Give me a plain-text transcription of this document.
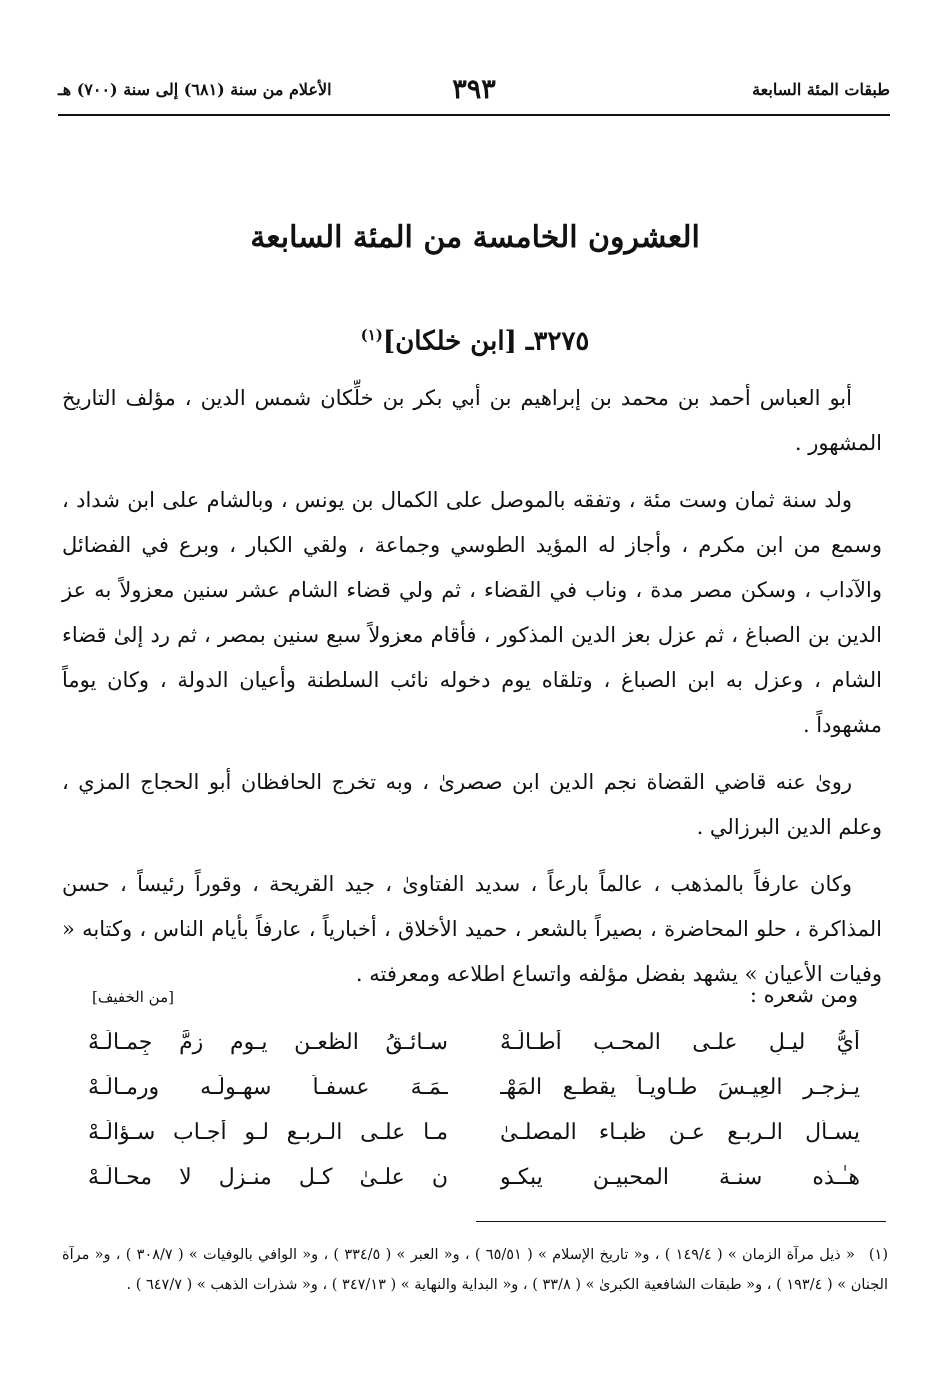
طبقات المئة السابعة
٣٩٣
الأعلام من سنة (٦٨١) إلى سنة (٧٠٠) هـ
العشرون الخامسة من المئة السابعة
٣٢٧٥ـ [ابن خلكان]$^{(١)}$

أبو العباس أحمد بن محمد بن إبراهيم بن أبي بكر بن خلِّكان شمس الدين ، مؤلف التاريخ المشهور .

ولد سنة ثمان وست مئة ، وتفقه بالموصل على الكمال بن يونس ، وبالشام على ابن شداد ، وسمع من ابن مكرم ، وأجاز له المؤيد الطوسي وجماعة ، ولقي الكبار ، وبرع في الفضائل والآداب ، وسكن مصر مدة ، وناب في القضاء ، ثم ولي قضاء الشام عشر سنين معزولاً به عز الدين بن الصباغ ، ثم عزل بعز الدين المذكور ، فأقام معزولاً سبع سنين بمصر ، ثم رد إلىٰ قضاء الشام ، وعزل به ابن الصباغ ، وتلقاه يوم دخوله نائب السلطنة وأعيان الدولة ، وكان يوماً مشهوداً .

روىٰ عنه قاضي القضاة نجم الدين ابن صصرىٰ ، وبه تخرج الحافظان أبو الحجاج المزي ، وعلم الدين البرزالي .

وكان عارفاً بالمذهب ، عالماً بارعاً ، سديد الفتاوىٰ ، جيد القريحة ، وقوراً رئيساً ، حسن المذاكرة ، حلو المحاضرة ، بصيراً بالشعر ، حميد الأخلاق ، أخبارياً ، عارفاً بأيام الناس ، وكتابه « وفيات الأعيان » يشهد بفضل مؤلفه واتساع اطلاعه ومعرفته .

ومن شعره :
[من الخفيف]
أيُّ ليـلٍ علـى المحـب أطـالَـهْ
سـائـقُ الظعـن يـوم زمَّ جِمـالَـهْ
يـزجـر العِيـسَ طـاويـاً يقطـع المَهْـ
ـمَـهَ عسفـاً سهـولَـه ورمـالَـهْ
يسـأل الـربـع عـن ظبـاء المصلـىٰ
مـا علـى الـربـع لـو أجـاب سـؤالَـهْ
هـٰـذه سنـة المحبيـن يبكـو
ن علـىٰ كـل منـزل لا محـالَـهْ
(١)« ذيل مرآة الزمان » ( ١٤٩/٤ ) ، و« تاريخ الإسلام » ( ٦٥/٥١ ) ، و« العبر » ( ٣٣٤/٥ ) ، و« الوافي بالوفيات » ( ٣٠٨/٧ ) ، و« مرآة الجنان » ( ١٩٣/٤ ) ، و« طبقات الشافعية الكبرىٰ » ( ٣٣/٨ ) ، و« البداية والنهاية » ( ٣٤٧/١٣ ) ، و« شذرات الذهب » ( ٦٤٧/٧ ) .
